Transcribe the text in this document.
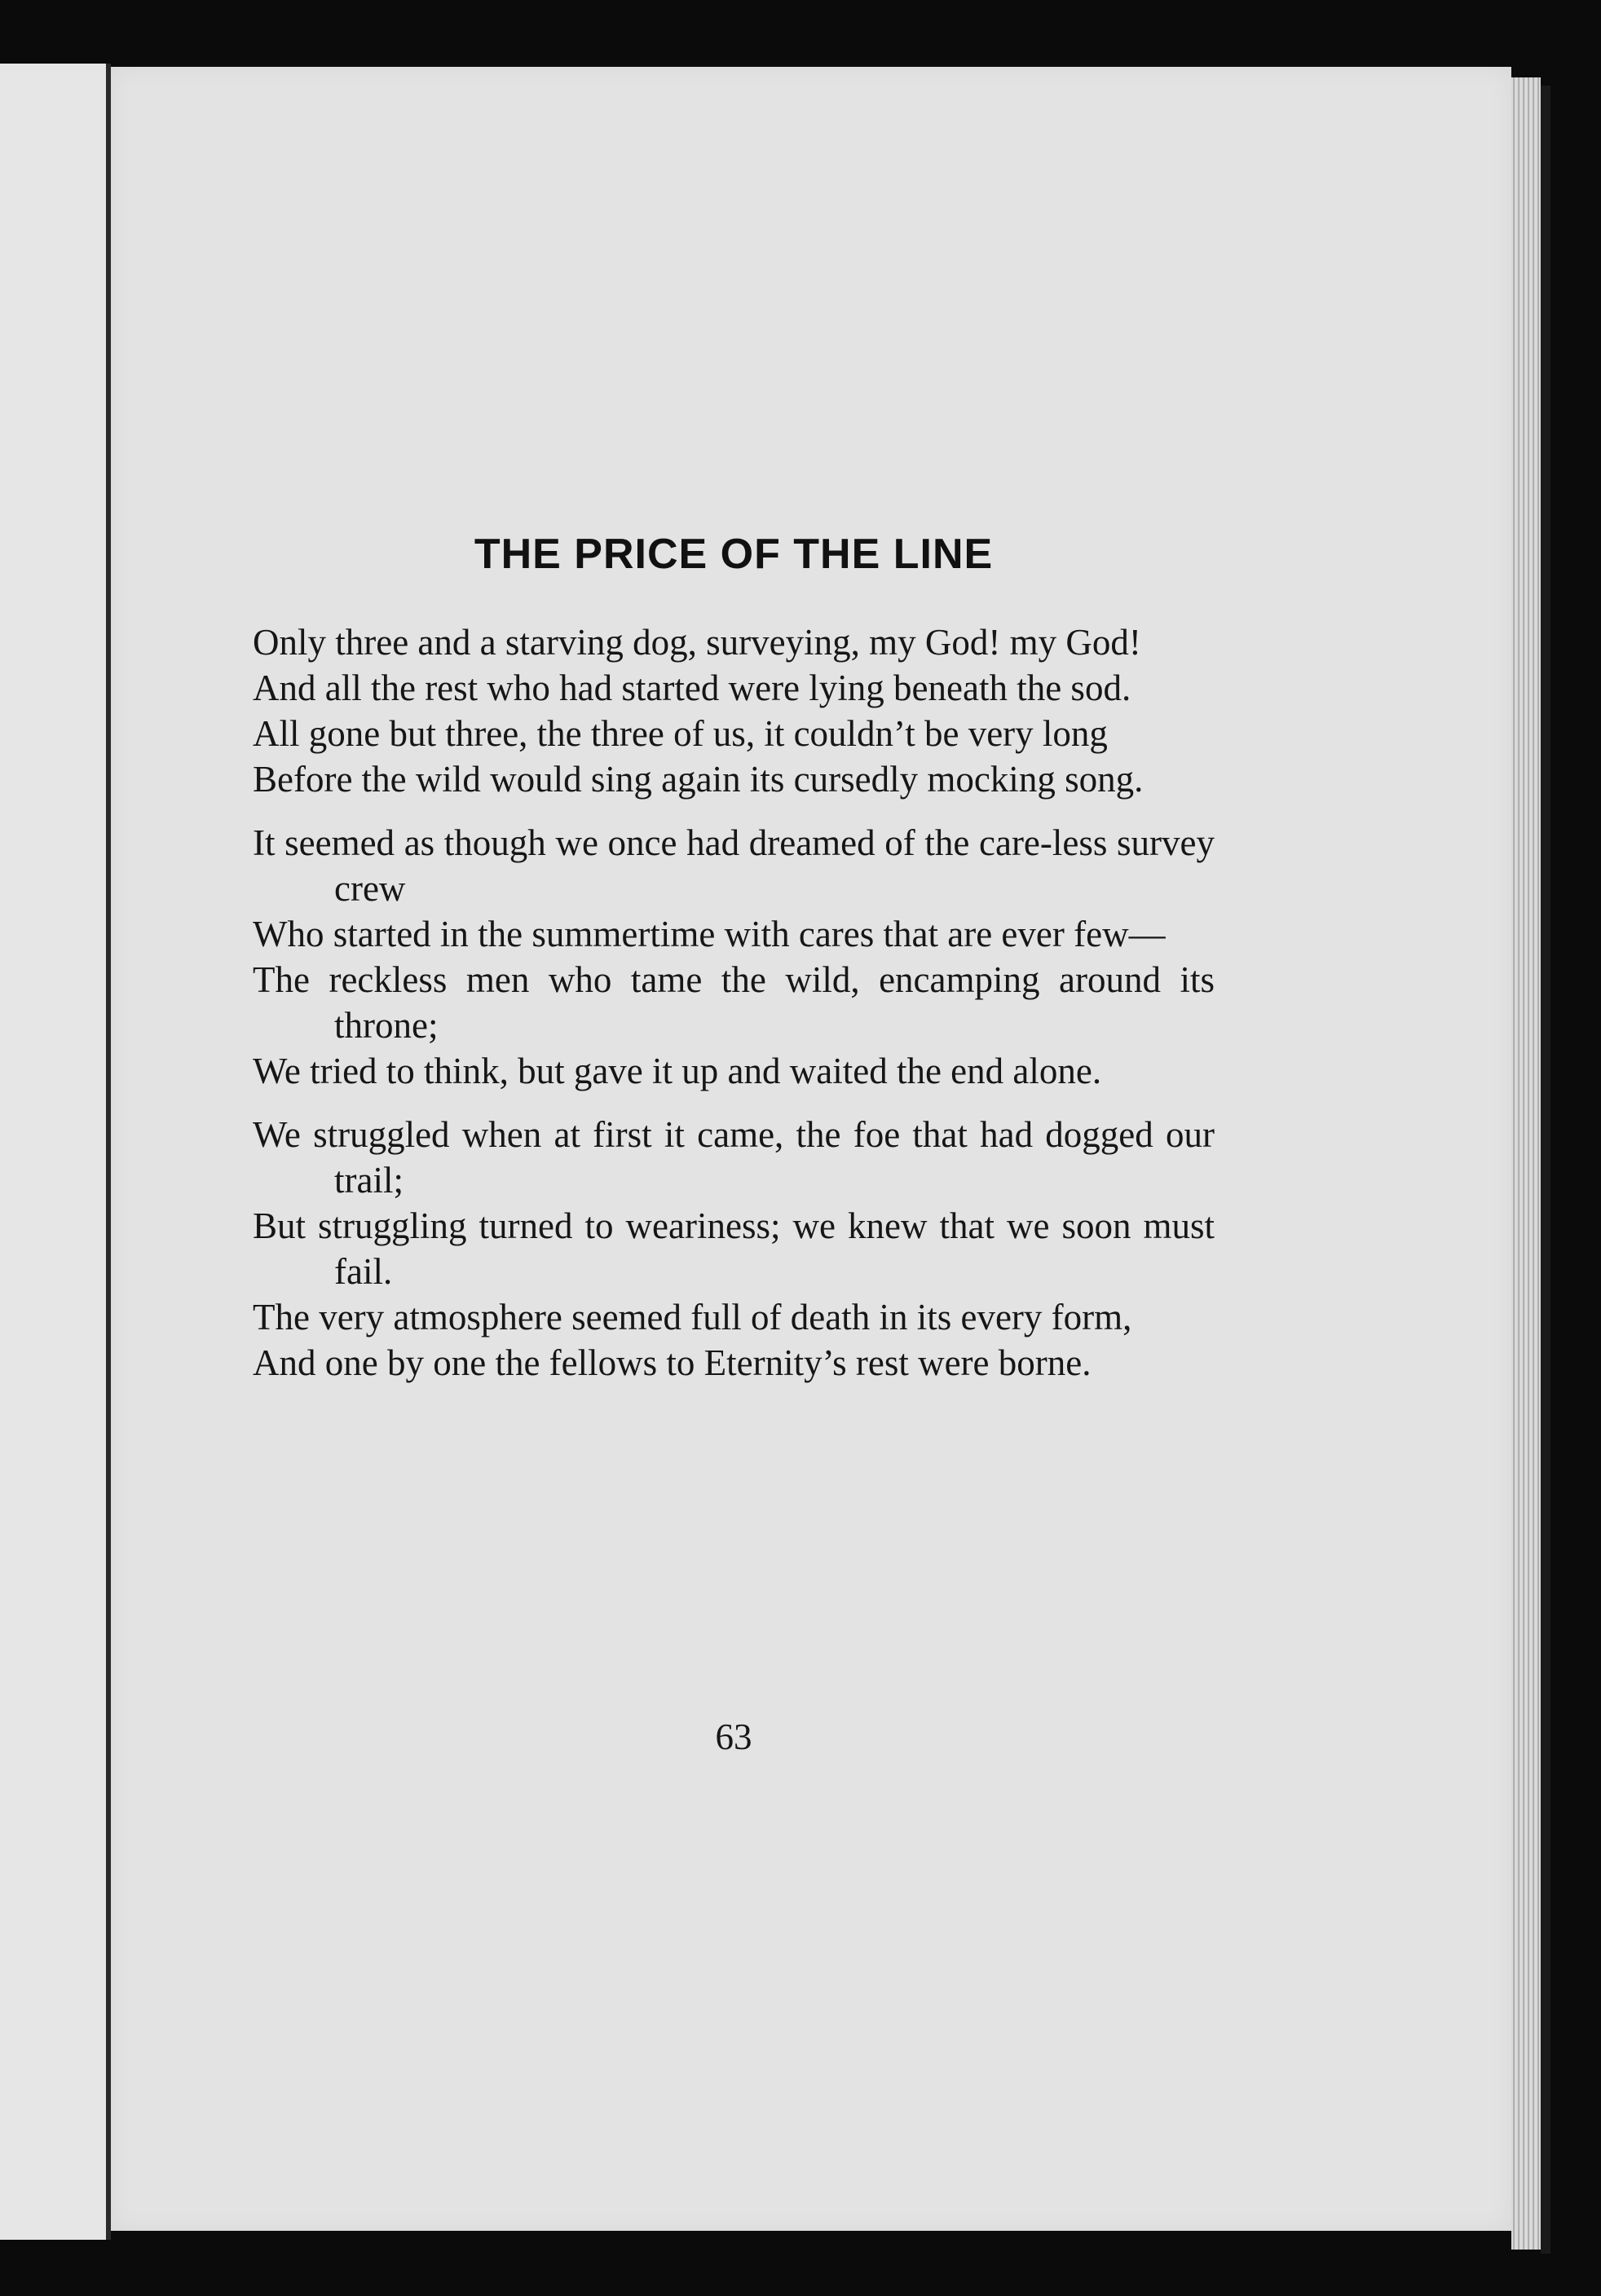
THE PRICE OF THE LINE

Only three and a starving dog, surveying, my God! my God!

And all the rest who had started were lying beneath the sod.

All gone but three, the three of us, it couldn’t be very long

Before the wild would sing again its cursedly mocking song.

It seemed as though we once had dreamed of the care-less survey crew

Who started in the summertime with cares that are ever few—

The reckless men who tame the wild, encamping around its throne;

We tried to think, but gave it up and waited the end alone.

We struggled when at first it came, the foe that had dogged our trail;

But struggling turned to weariness; we knew that we soon must fail.

The very atmosphere seemed full of death in its every form,

And one by one the fellows to Eternity’s rest were borne.

63
